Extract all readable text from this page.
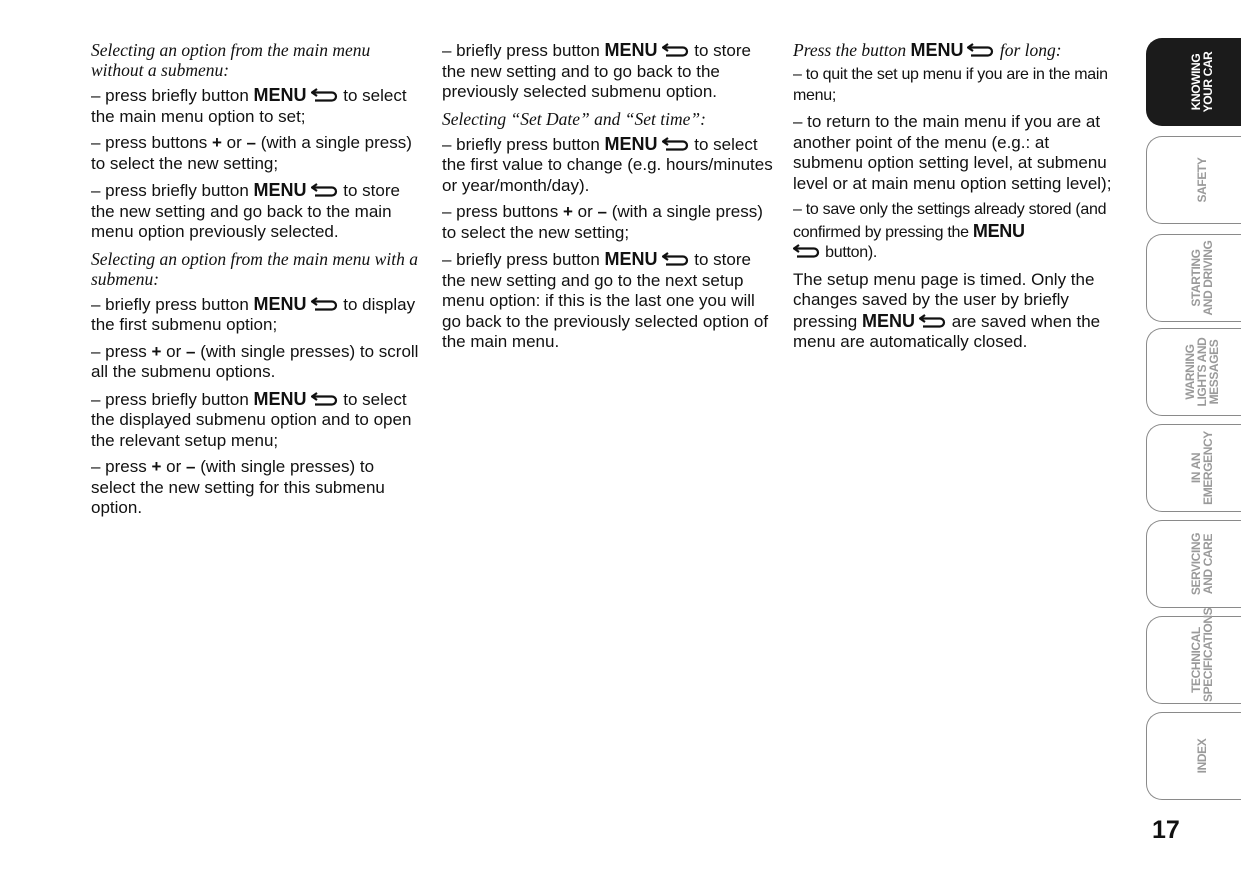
Selecting an option from the main menu without a submenu:

– press briefly button MENU to select the main menu option to set;

– press buttons + or – (with a single press) to select the new setting;

– press briefly button MENU to store the new setting and go back to the main menu option previously selected.

Selecting an option from the main menu with a submenu:

– briefly press button MENU to display the first submenu option;

– press + or – (with single presses) to scroll all the submenu options.

– press briefly button MENU to select the displayed submenu option and to open the relevant setup menu;

– press + or – (with single presses) to select the new setting for this submenu option.

– briefly press button MENU to store the new setting and to go back to the previously selected submenu option.

Selecting “Set Date” and “Set time”:

– briefly press button MENU to select the first value to change (e.g. hours/minutes or year/month/day).

– press buttons + or – (with a single press) to select the new setting;

– briefly press button MENU to store the new setting and go to the next setup menu option: if this is the last one you will go back to the previously selected option of the main menu.

Press the button MENU for long:

– to quit the set up menu if you are in the main menu;

– to return to the main menu if you are at another point of the menu (e.g.: at submenu option setting level, at submenu level or at main menu option setting level);

– to save only the settings already stored (and confirmed by pressing the MENU

button).

The setup menu page is timed. Only the changes saved by the user by briefly pressing MENU are saved when the menu are automatically closed.

KNOWING
YOUR CAR
SAFETY
STARTING
AND DRIVING
WARNING
LIGHTS AND
MESSAGES
IN AN
EMERGENCY
SERVICING
AND CARE
TECHNICAL
SPECIFICATIONS
INDEX
17
